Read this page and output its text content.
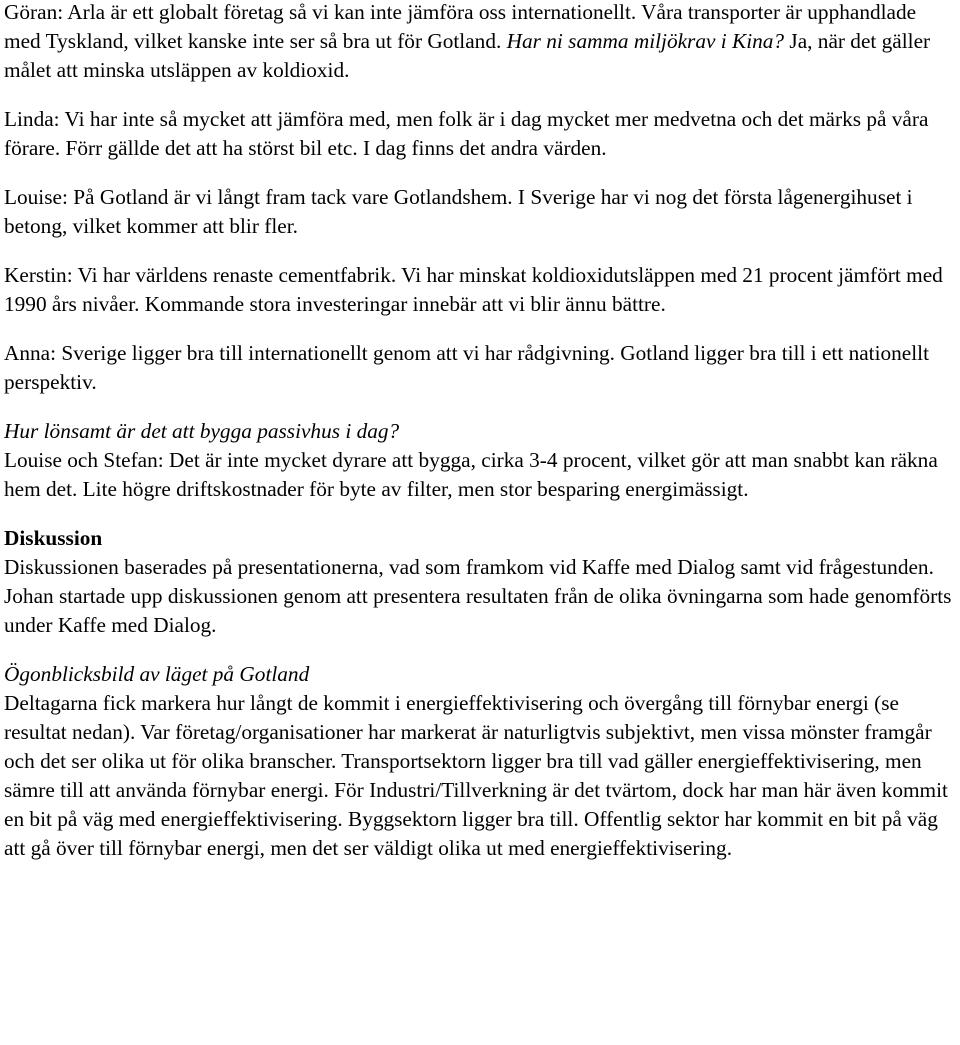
Göran: Arla är ett globalt företag så vi kan inte jämföra oss internationellt. Våra transporter är upphandlade med Tyskland, vilket kanske inte ser så bra ut för Gotland. Har ni samma miljökrav i Kina? Ja, när det gäller målet att minska utsläppen av koldioxid.

Linda: Vi har inte så mycket att jämföra med, men folk är i dag mycket mer medvetna och det märks på våra förare. Förr gällde det att ha störst bil etc. I dag finns det andra värden.

Louise: På Gotland är vi långt fram tack vare Gotlandshem. I Sverige har vi nog det första lågenergihuset i betong, vilket kommer att blir fler.

Kerstin: Vi har världens renaste cementfabrik. Vi har minskat koldioxidutsläppen med 21 procent jämfört med 1990 års nivåer. Kommande stora investeringar innebär att vi blir ännu bättre.

Anna: Sverige ligger bra till internationellt genom att vi har rådgivning. Gotland ligger bra till i ett nationellt perspektiv.

Hur lönsamt är det att bygga passivhus i dag?

Louise och Stefan: Det är inte mycket dyrare att bygga, cirka 3-4 procent, vilket gör att man snabbt kan räkna hem det. Lite högre driftskostnader för byte av filter, men stor besparing energimässigt.

Diskussion

Diskussionen baserades på presentationerna, vad som framkom vid Kaffe med Dialog samt vid frågestunden. Johan startade upp diskussionen genom att presentera resultaten från de olika övningarna som hade genomförts under Kaffe med Dialog.

Ögonblicksbild av läget på Gotland

Deltagarna fick markera hur långt de kommit i energieffektivisering och övergång till förnybar energi (se resultat nedan). Var företag/organisationer har markerat är naturligtvis subjektivt, men vissa mönster framgår och det ser olika ut för olika branscher. Transportsektorn ligger bra till vad gäller energieffektivisering, men sämre till att använda förnybar energi. För Industri/Tillverkning är det tvärtom, dock har man här även kommit en bit på väg med energieffektivisering. Byggsektorn ligger bra till. Offentlig sektor har kommit en bit på väg att gå över till förnybar energi, men det ser väldigt olika ut med energieffektivisering.
